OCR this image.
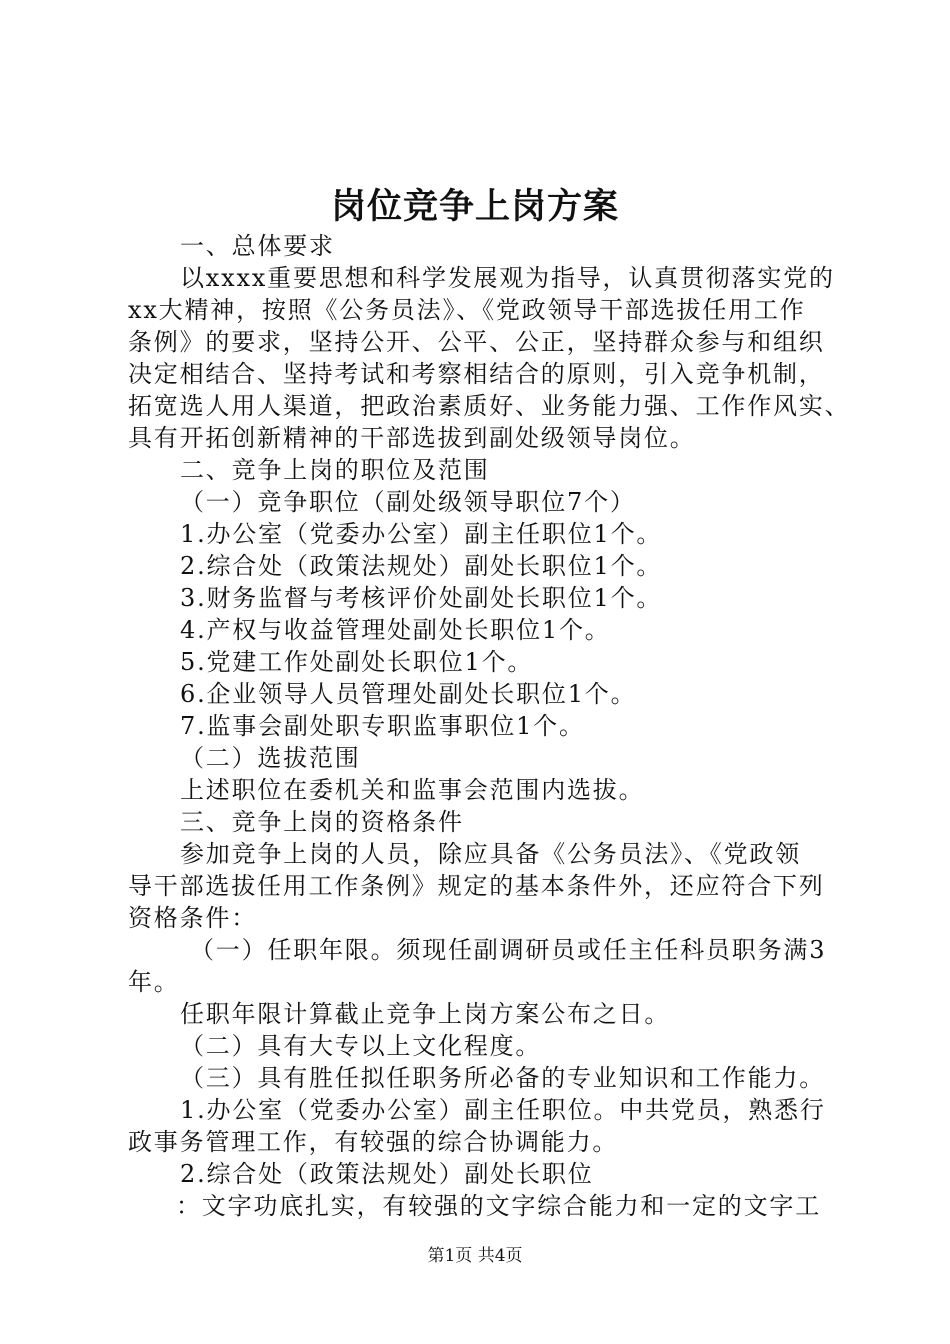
岗位竞争上岗方案
一、总体要求
以xxxx重要思想和科学发展观为指导，认真贯彻落实党的
xx大精神，按照《公务员法》、《党政领导干部选拔任用工作
条例》的要求，坚持公开、公平、公正，坚持群众参与和组织
决定相结合、坚持考试和考察相结合的原则，引入竞争机制，
拓宽选人用人渠道，把政治素质好、业务能力强、工作作风实、
具有开拓创新精神的干部选拔到副处级领导岗位。
二、竞争上岗的职位及范围
（一）竞争职位（副处级领导职位7个）
1.办公室（党委办公室）副主任职位1个。
2.综合处（政策法规处）副处长职位1个。
3.财务监督与考核评价处副处长职位1个。
4.产权与收益管理处副处长职位1个。
5.党建工作处副处长职位1个。
6.企业领导人员管理处副处长职位1个。
7.监事会副处职专职监事职位1个。
（二）选拔范围
上述职位在委机关和监事会范围内选拔。
三、竞争上岗的资格条件
参加竞争上岗的人员，除应具备《公务员法》、《党政领
导干部选拔任用工作条例》规定的基本条件外，还应符合下列
资格条件：
（一）任职年限。须现任副调研员或任主任科员职务满3
年。
任职年限计算截止竞争上岗方案公布之日。
（二）具有大专以上文化程度。
（三）具有胜任拟任职务所必备的专业知识和工作能力。
1.办公室（党委办公室）副主任职位。中共党员，熟悉行
政事务管理工作，有较强的综合协调能力。
2.综合处（政策法规处）副处长职位
：文字功底扎实，有较强的文字综合能力和一定的文字工
第1页 共4页
